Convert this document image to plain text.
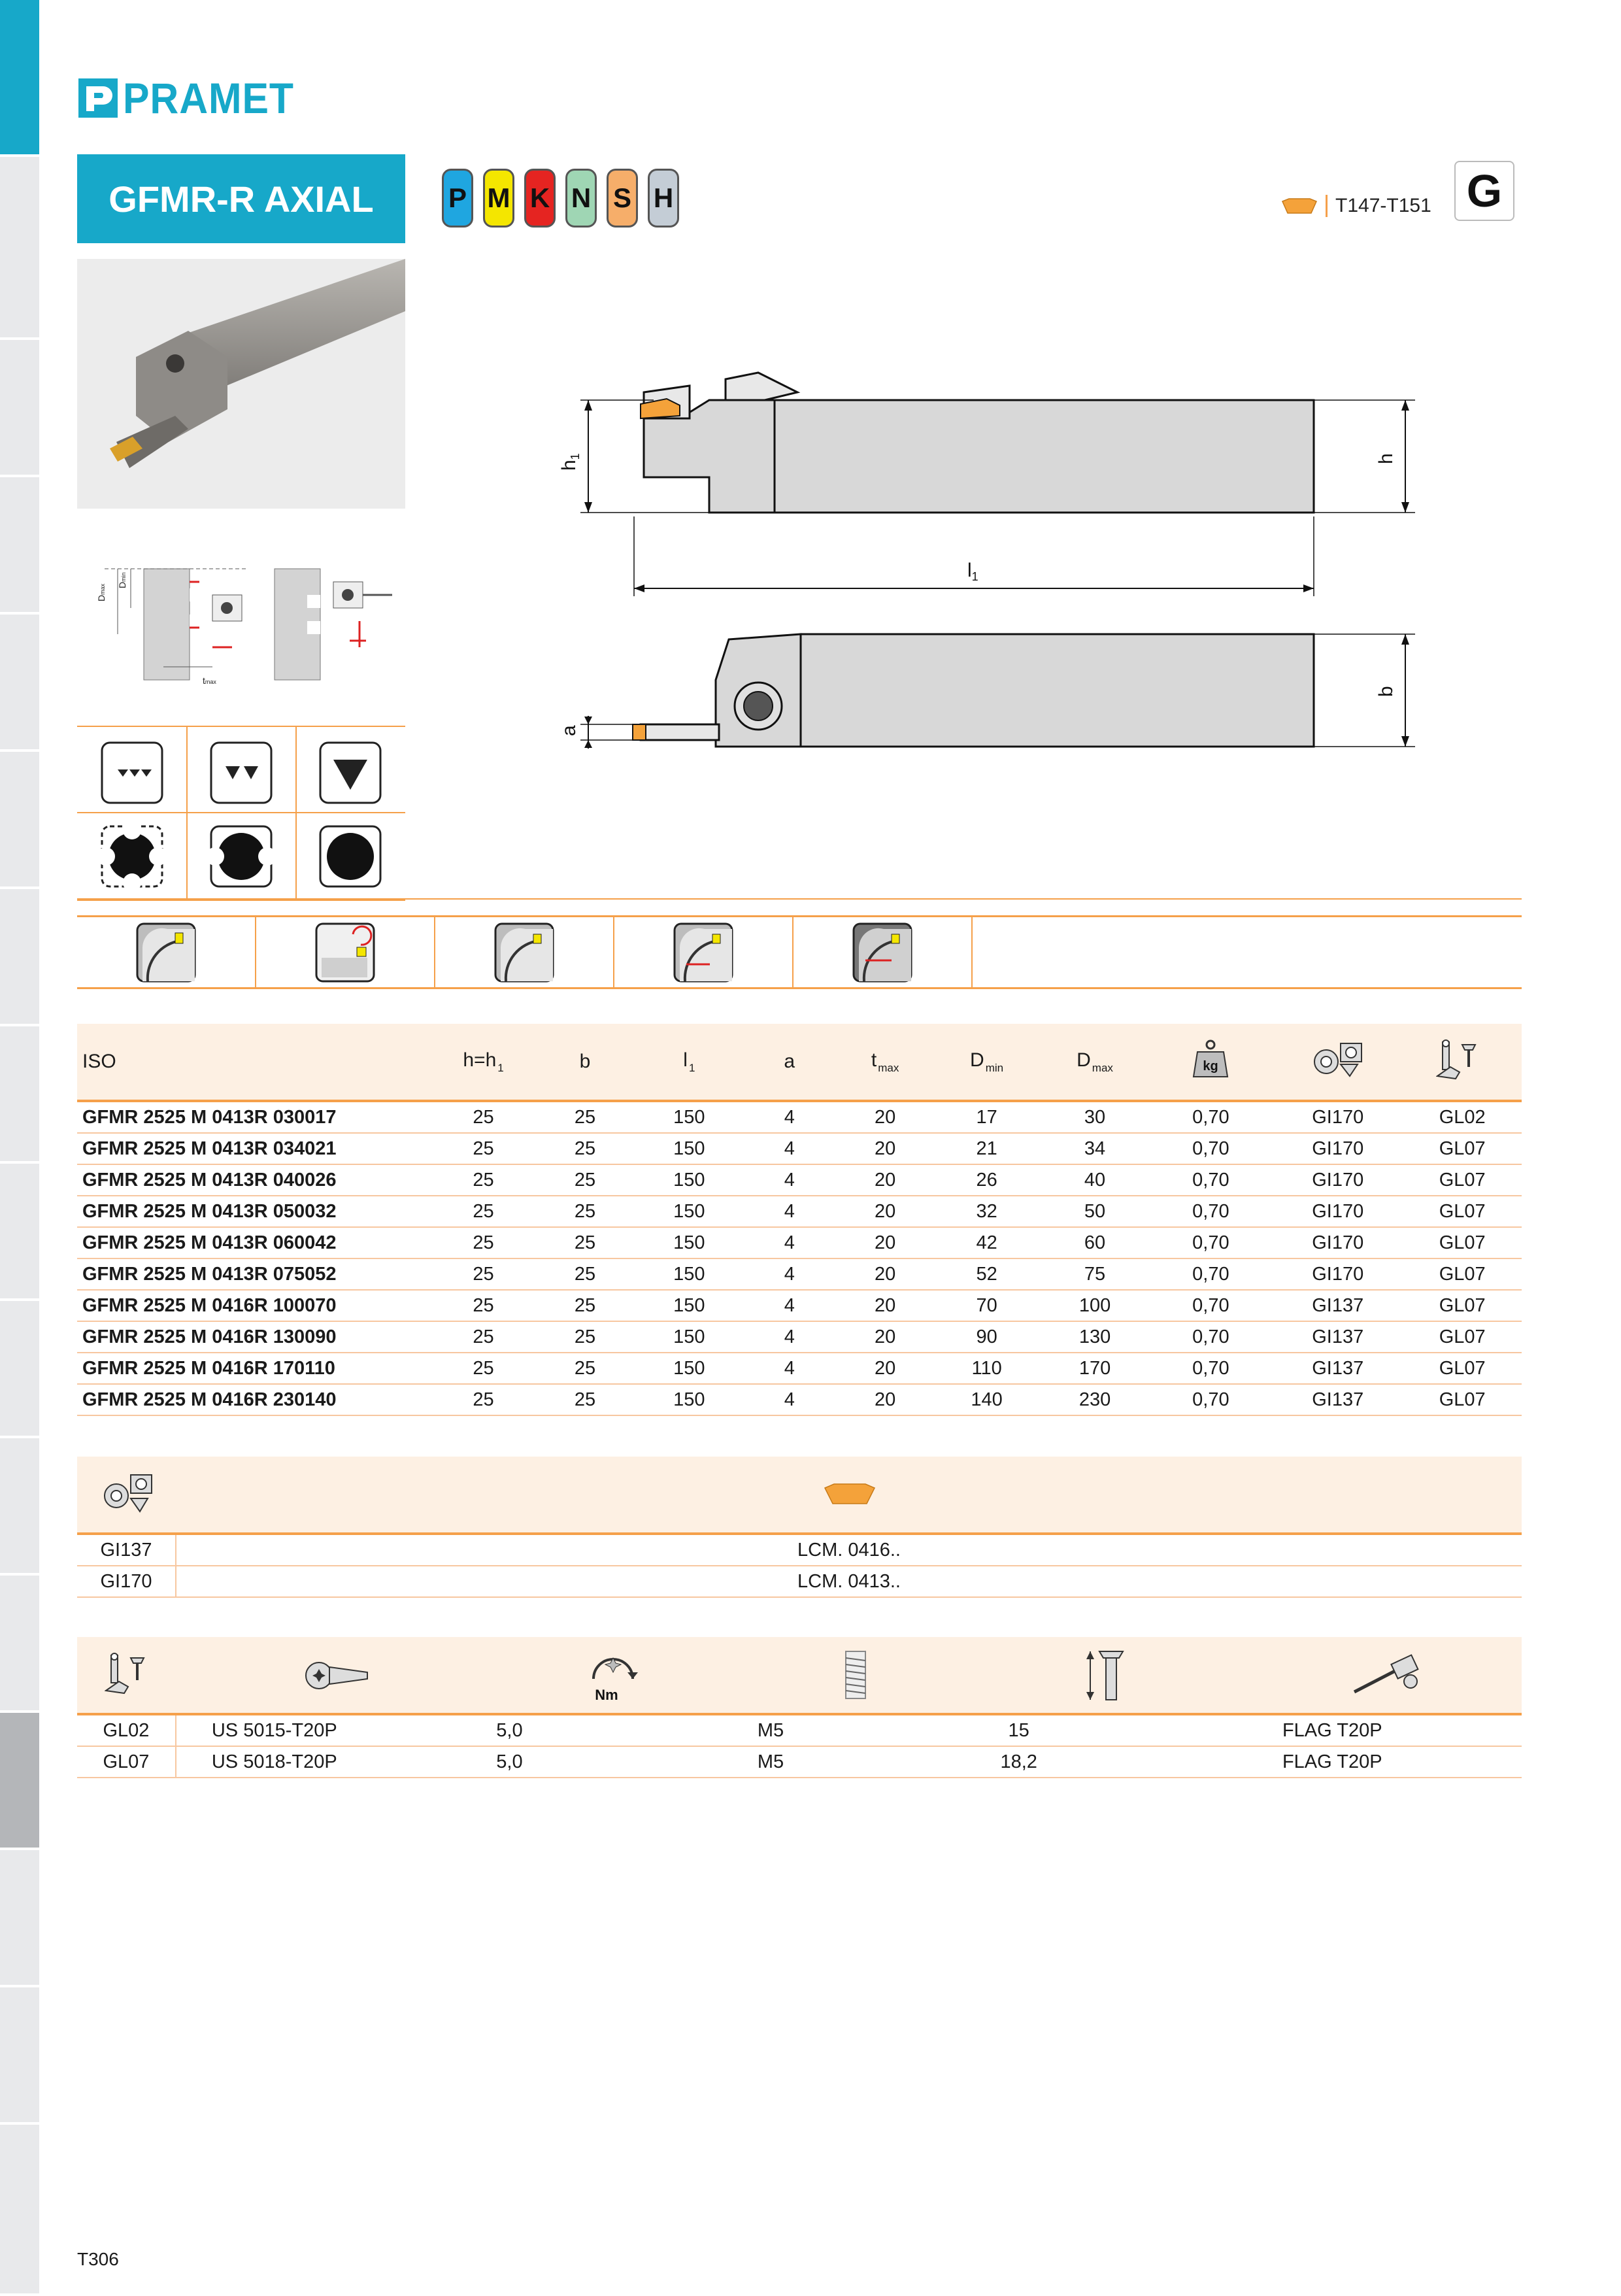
PRAMET
GFMR-R AXIAL	P M K N S H	T147-T151 G
Dmax Dmin
tmax
$h_1$	h
$l_1$
b
a
ISO	h=h $_1$	b	l $_1$	a	t $_{max}$	D $_{min}$	D $_{max}$	kg

GFMR 2525 M 0413R 030017	25	25	150	4	20	17	30	0,70	GI170	GL02
GFMR 2525 M 0413R 034021	25	25	150	4	20	21	34	0,70	GI170	GL07
GFMR 2525 M 0413R 040026	25	25	150	4	20	26	40	0,70	GI170	GL07
GFMR 2525 M 0413R 050032	25	25	150	4	20	32	50	0,70	GI170	GL07
GFMR 2525 M 0413R 060042	25	25	150	4	20	42	60	0,70	GI170	GL07
GFMR 2525 M 0413R 075052	25	25	150	4	20	52	75	0,70	GI170	GL07
GFMR 2525 M 0416R 100070	25	25	150	4	20	70	100	0,70	GI137	GL07
GFMR 2525 M 0416R 130090	25	25	150	4	20	90	130	0,70	GI137	GL07
GFMR 2525 M 0416R 170110	25	25	150	4	20	110	170	0,70	GI137	GL07
GFMR 2525 M 0416R 230140	25	25	150	4	20	140	230	0,70	GI137	GL07
GI137	LCM. 0416..
GI170	LCM. 0413..
Nm
GL02	US 5015-T20P	5,0	M5	15	FLAG T20P
GL07	US 5018-T20P	5,0	M5	18,2	FLAG T20P
T306
